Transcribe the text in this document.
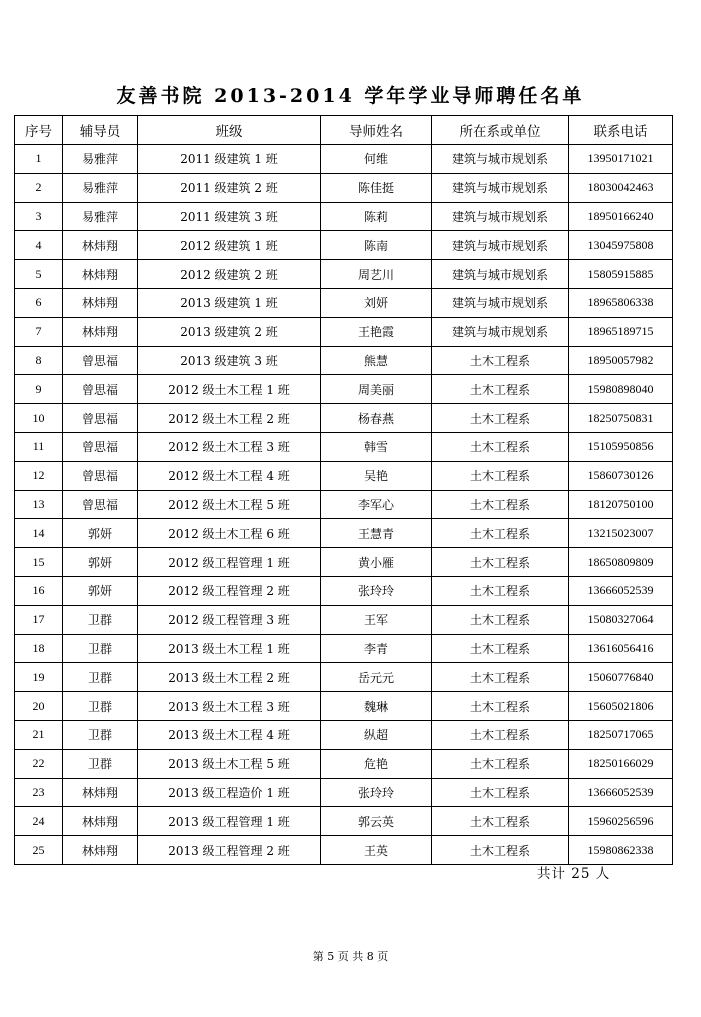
友善书院 2013-2014 学年学业导师聘任名单
序号	辅导员	班级	导师姓名	所在系或单位	联系电话
1	易雅萍	2011 级建筑 1 班	何维	建筑与城市规划系	13950171021
2	易雅萍	2011 级建筑 2 班	陈佳挺	建筑与城市规划系	18030042463
3	易雅萍	2011 级建筑 3 班	陈莉	建筑与城市规划系	18950166240
4	林炜翔	2012 级建筑 1 班	陈南	建筑与城市规划系	13045975808
5	林炜翔	2012 级建筑 2 班	周艺川	建筑与城市规划系	15805915885
6	林炜翔	2013 级建筑 1 班	刘妍	建筑与城市规划系	18965806338
7	林炜翔	2013 级建筑 2 班	王艳霞	建筑与城市规划系	18965189715
8	曾思福	2013 级建筑 3 班	熊慧	土木工程系	18950057982
9	曾思福	2012 级土木工程 1 班	周美丽	土木工程系	15980898040
10	曾思福	2012 级土木工程 2 班	杨春燕	土木工程系	18250750831
11	曾思福	2012 级土木工程 3 班	韩雪	土木工程系	15105950856
12	曾思福	2012 级土木工程 4 班	吴艳	土木工程系	15860730126
13	曾思福	2012 级土木工程 5 班	李军心	土木工程系	18120750100
14	郭妍	2012 级土木工程 6 班	王慧青	土木工程系	13215023007
15	郭妍	2012 级工程管理 1 班	黄小雁	土木工程系	18650809809
16	郭妍	2012 级工程管理 2 班	张玲玲	土木工程系	13666052539
17	卫群	2012 级工程管理 3 班	王军	土木工程系	15080327064
18	卫群	2013 级土木工程 1 班	李青	土木工程系	13616056416
19	卫群	2013 级土木工程 2 班	岳元元	土木工程系	15060776840
20	卫群	2013 级土木工程 3 班	魏琳	土木工程系	15605021806
21	卫群	2013 级土木工程 4 班	纵超	土木工程系	18250717065
22	卫群	2013 级土木工程 5 班	危艳	土木工程系	18250166029
23	林炜翔	2013 级工程造价 1 班	张玲玲	土木工程系	13666052539
24	林炜翔	2013 级工程管理 1 班	郭云英	土木工程系	15960256596
25	林炜翔	2013 级工程管理 2 班	王英	土木工程系	15980862338
共计 25 人
第 5 页 共 8 页
